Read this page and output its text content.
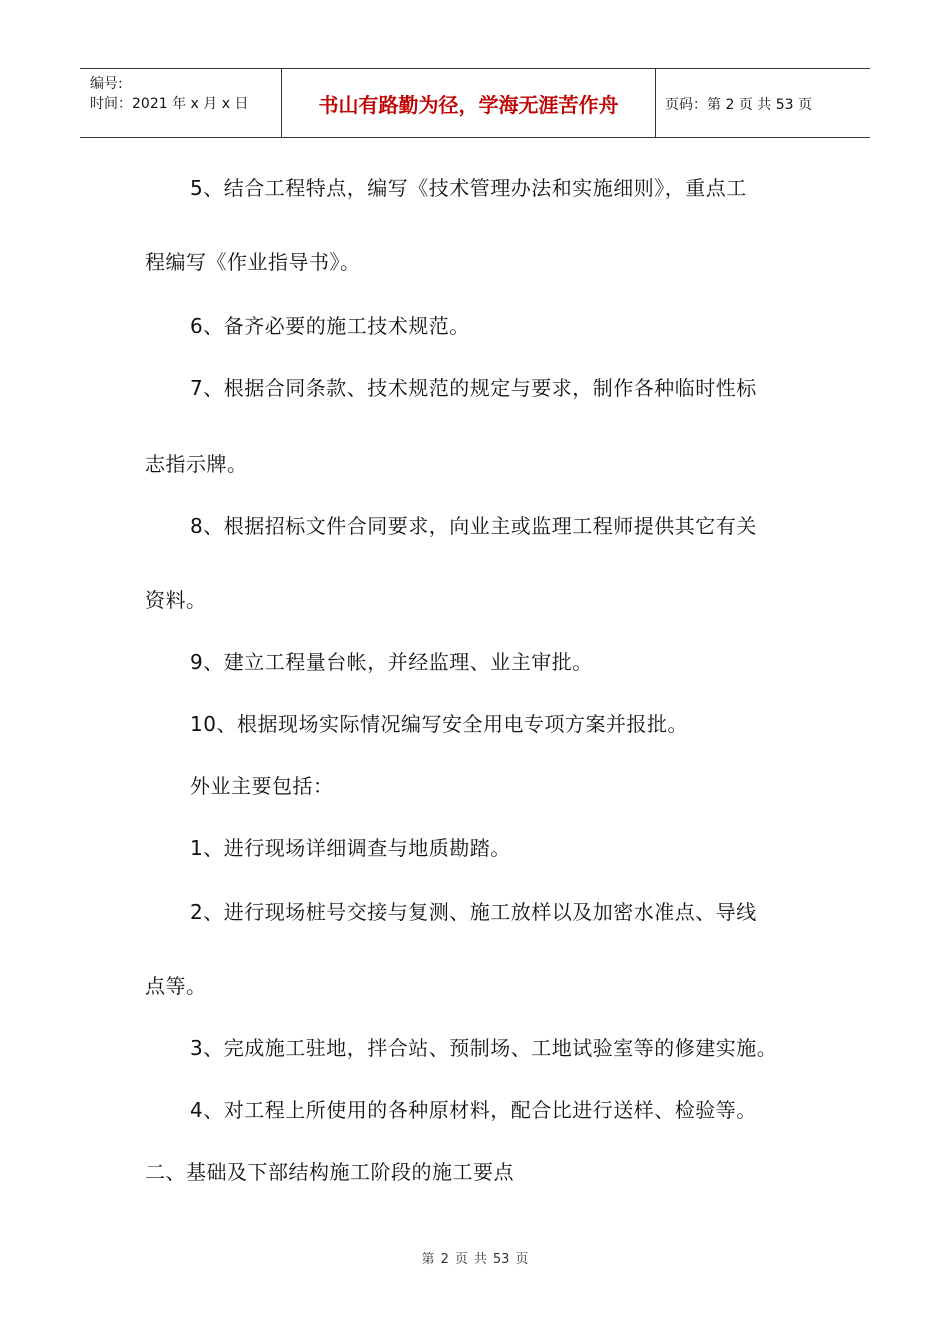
编号:
时间：2021 年 x 月 x 日	书山有路勤为径，学海无涯苦作舟	页码：第 2 页 共 53 页
5、结合工程特点，编写《技术管理办法和实施细则》，重点工
程编写《作业指导书》。
6、备齐必要的施工技术规范。
7、根据合同条款、技术规范的规定与要求，制作各种临时性标
志指示牌。
8、根据招标文件合同要求，向业主或监理工程师提供其它有关
资料。
9、建立工程量台帐，并经监理、业主审批。
10、根据现场实际情况编写安全用电专项方案并报批。
外业主要包括：
1、进行现场详细调查与地质勘踏。
2、进行现场桩号交接与复测、施工放样以及加密水准点、导线
点等。
3、完成施工驻地，拌合站、预制场、工地试验室等的修建实施。
4、对工程上所使用的各种原材料，配合比进行送样、检验等。
二、基础及下部结构施工阶段的施工要点
第 2 页 共 53 页
